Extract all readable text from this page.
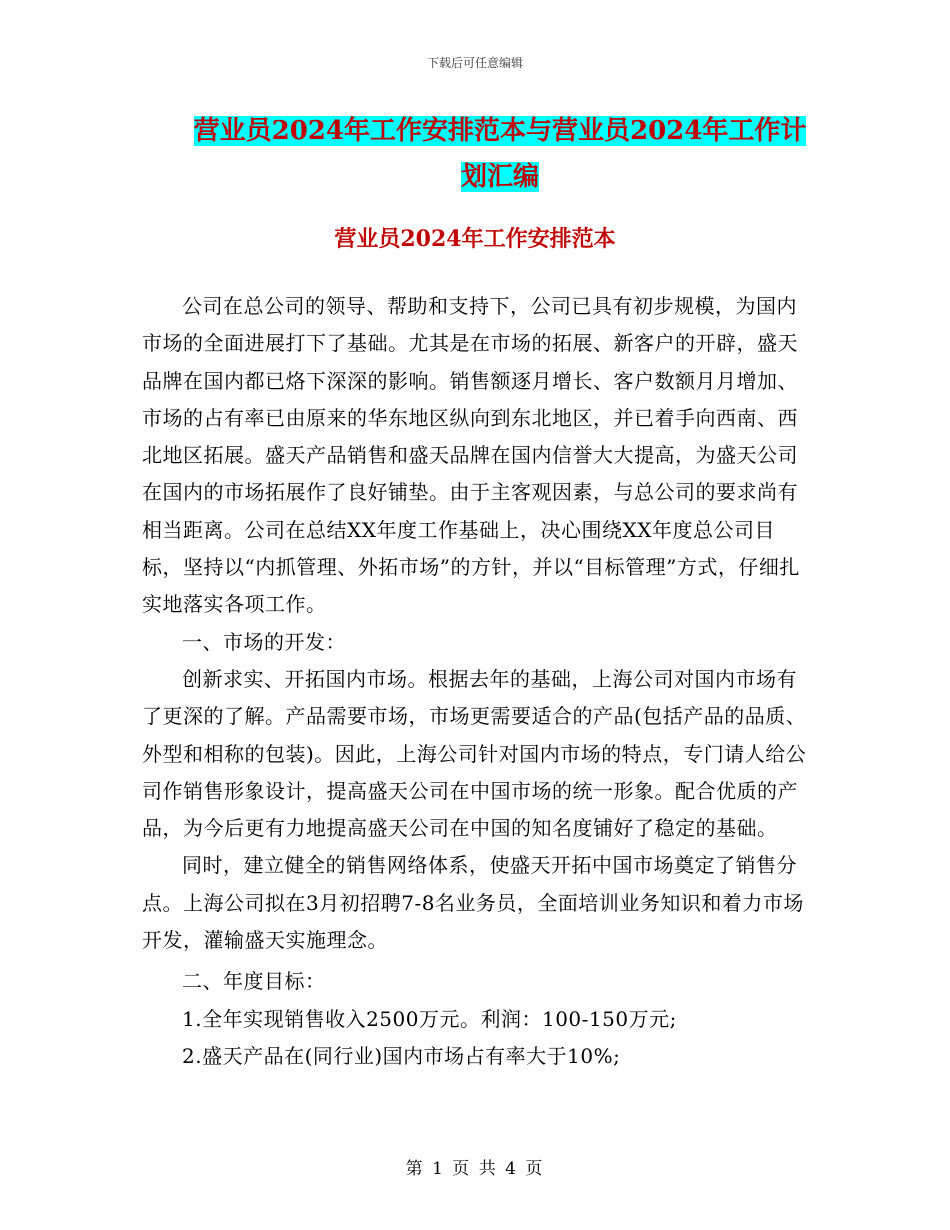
下载后可任意编辑
营业员2024年工作安排范本与营业员2024年工作计
划汇编
营业员2024年工作安排范本

公司在总公司的领导、帮助和支持下，公司已具有初步规模，为国内市场的全面进展打下了基础。尤其是在市场的拓展、新客户的开辟，盛天品牌在国内都已烙下深深的影响。销售额逐月增长、客户数额月月增加、市场的占有率已由原来的华东地区纵向到东北地区，并已着手向西南、西北地区拓展。盛天产品销售和盛天品牌在国内信誉大大提高，为盛天公司在国内的市场拓展作了良好铺垫。由于主客观因素，与总公司的要求尚有相当距离。公司在总结XX年度工作基础上，决心围绕XX年度总公司目标，坚持以“内抓管理、外拓市场”的方针，并以“目标管理”方式，仔细扎实地落实各项工作。

一、市场的开发：

创新求实、开拓国内市场。根据去年的基础，上海公司对国内市场有了更深的了解。产品需要市场，市场更需要适合的产品(包括产品的品质、外型和相称的包装)。因此，上海公司针对国内市场的特点，专门请人给公司作销售形象设计，提高盛天公司在中国市场的统一形象。配合优质的产品，为今后更有力地提高盛天公司在中国的知名度铺好了稳定的基础。

同时，建立健全的销售网络体系，使盛天开拓中国市场奠定了销售分点。上海公司拟在3月初招聘7-8名业务员，全面培训业务知识和着力市场开发，灌输盛天实施理念。

二、年度目标：

1.全年实现销售收入2500万元。利润：100-150万元;

2.盛天产品在(同行业)国内市场占有率大于10%;

第 1 页 共 4 页
